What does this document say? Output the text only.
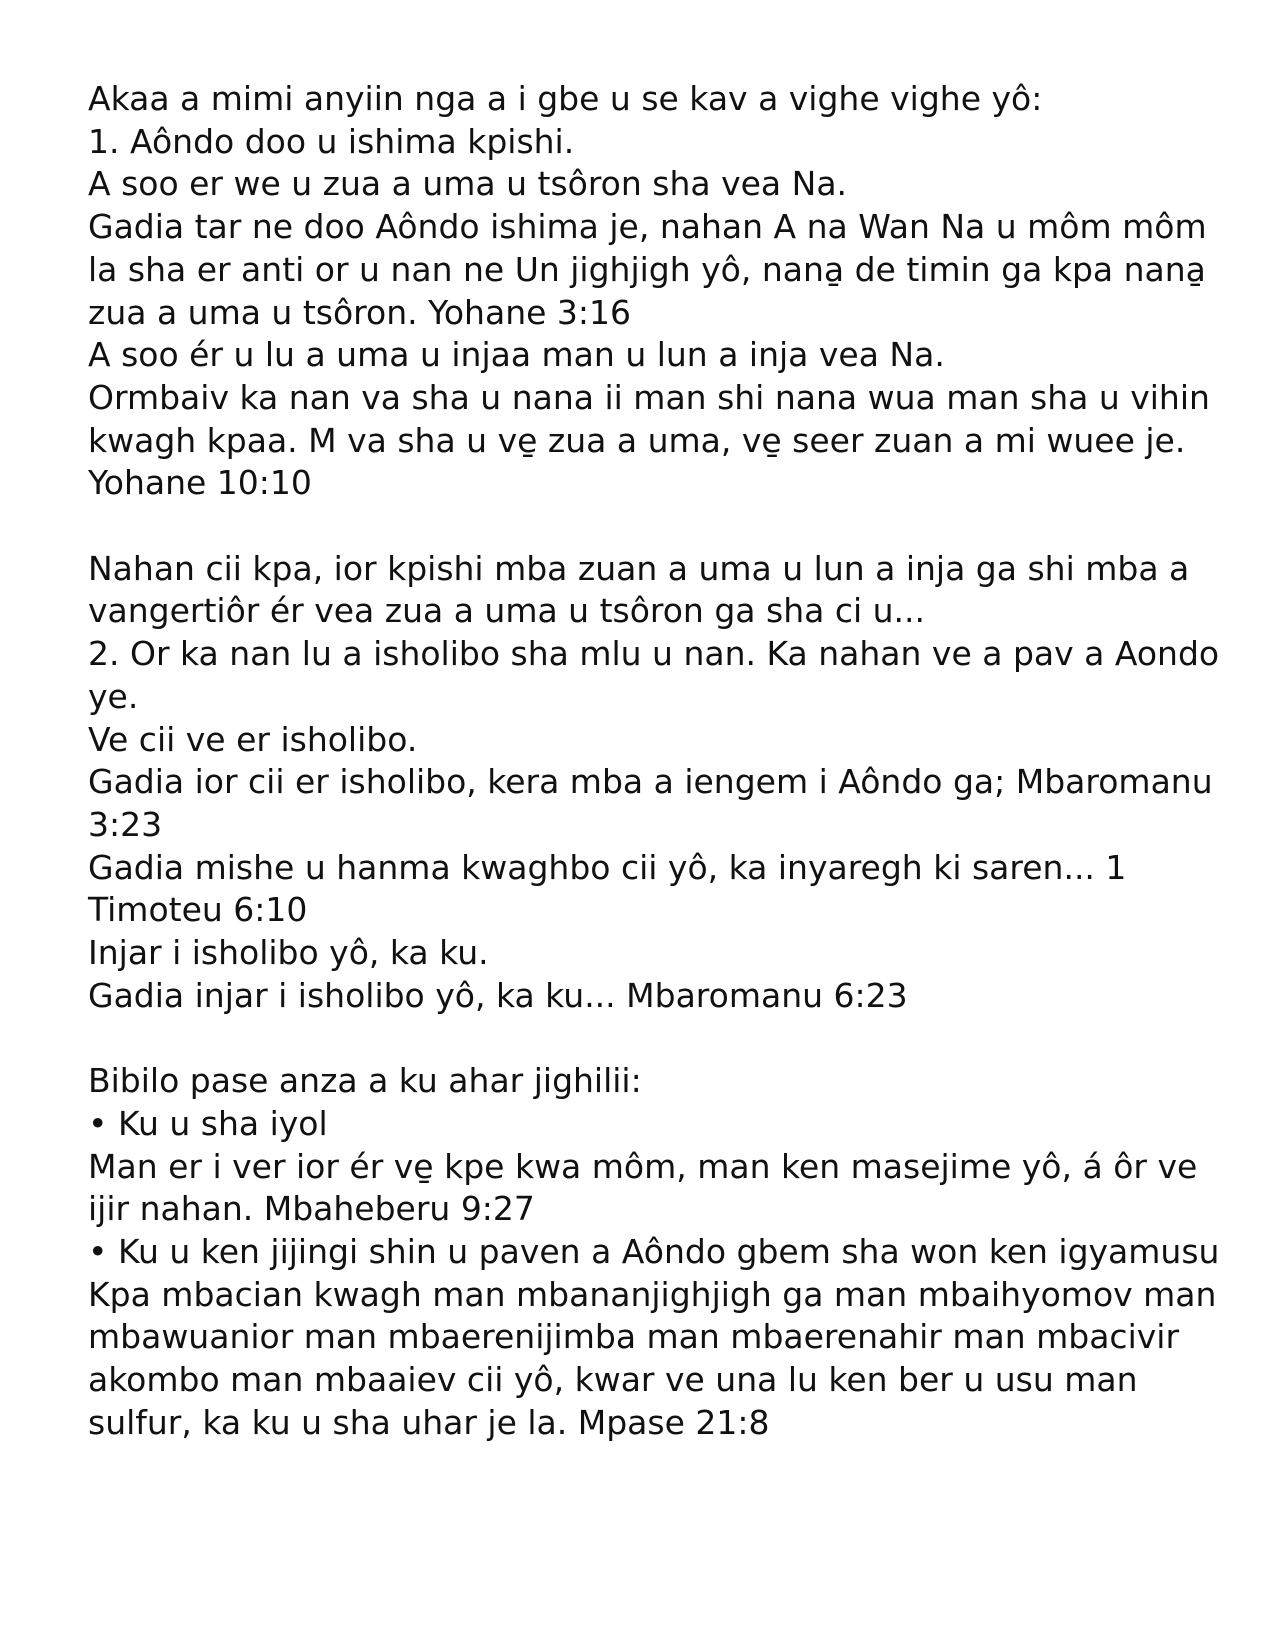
Akaa a mimi anyiin nga a i gbe u se kav a vighe vighe yô:

1. Aôndo doo u ishima kpishi.

A soo er we u zua a uma u tsôron sha vea Na.

Gadia tar ne doo Aôndo ishima je, nahan A na Wan Na u môm môm la sha er anti or u nan ne Un jighjigh yô, nana̱ de timin ga kpa nana̱ zua a uma u tsôron. Yohane 3:16

A soo ér u lu a uma u injaa man u lun a inja vea Na.

Ormbaiv ka nan va sha u nana ii man shi nana wua man sha u vihin kwagh kpaa. M va sha u ve̱ zua a uma, ve̱ seer zuan a mi wuee je. Yohane 10:10

Nahan cii kpa, ior kpishi mba zuan a uma u lun a inja ga shi mba a vangertiôr ér vea zua a uma u tsôron ga sha ci u...

2. Or ka nan lu a isholibo sha mlu u nan. Ka nahan ve a pav a Aondo ye.

Ve cii ve er isholibo.

Gadia ior cii er isholibo, kera mba a iengem i Aôndo ga; Mbaromanu 3:23

Gadia mishe u hanma kwaghbo cii yô, ka inyaregh ki saren... 1 Timoteu 6:10

Injar i isholibo yô, ka ku.

Gadia injar i isholibo yô, ka ku... Mbaromanu 6:23

Bibilo pase anza a ku ahar jighilii:

• Ku u sha iyol

Man er i ver ior ér ve̱ kpe kwa môm, man ken masejime yô, á ôr ve ijir nahan. Mbaheberu 9:27

• Ku u ken jijingi shin u paven a Aôndo gbem sha won ken igyamusu

Kpa mbacian kwagh man mbananjighjigh ga man mbaihyomov man mbawuanior man mbaerenijimba man mbaerenahir man mbacivir akombo man mbaaiev cii yô, kwar ve una lu ken ber u usu man sulfur, ka ku u sha uhar je la. Mpase 21:8
